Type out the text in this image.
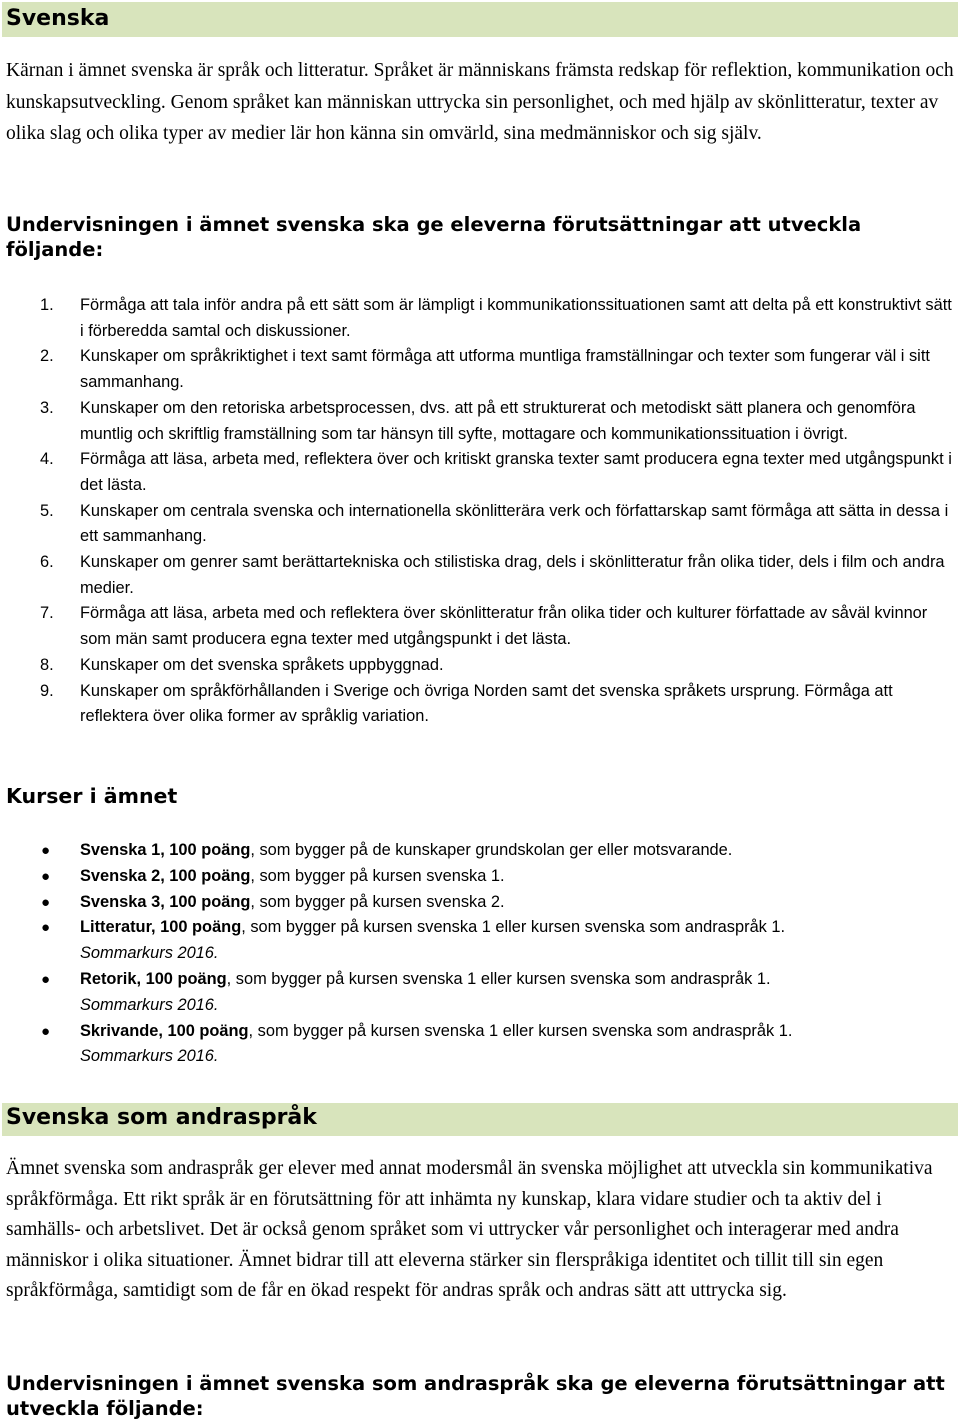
Svenska

Kärnan i ämnet svenska är språk och litteratur. Språket är människans främsta redskap för reflektion, kommunikation och kunskapsutveckling. Genom språket kan människan uttrycka sin personlighet, och med hjälp av skönlitteratur, texter av olika slag och olika typer av medier lär hon känna sin omvärld, sina medmänniskor och sig själv.

Undervisningen i ämnet svenska ska ge eleverna förutsättningar att utveckla följande:
1. Förmåga att tala inför andra på ett sätt som är lämpligt i kommunikationssituationen samt att delta på ett konstruktivt sätt i förberedda samtal och diskussioner.
2. Kunskaper om språkriktighet i text samt förmåga att utforma muntliga framställningar och texter som fungerar väl i sitt sammanhang.
3. Kunskaper om den retoriska arbetsprocessen, dvs. att på ett strukturerat och metodiskt sätt planera och genomföra muntlig och skriftlig framställning som tar hänsyn till syfte, mottagare och kommunikationssituation i övrigt.
4. Förmåga att läsa, arbeta med, reflektera över och kritiskt granska texter samt producera egna texter med utgångspunkt i det lästa.
5. Kunskaper om centrala svenska och internationella skönlitterära verk och författarskap samt förmåga att sätta in dessa i ett sammanhang.
6. Kunskaper om genrer samt berättartekniska och stilistiska drag, dels i skönlitteratur från olika tider, dels i film och andra medier.
7. Förmåga att läsa, arbeta med och reflektera över skönlitteratur från olika tider och kulturer författade av såväl kvinnor som män samt producera egna texter med utgångspunkt i det lästa.
8. Kunskaper om det svenska språkets uppbyggnad.
9. Kunskaper om språkförhållanden i Sverige och övriga Norden samt det svenska språkets ursprung. Förmåga att reflektera över olika former av språklig variation.
Kurser i ämnet
● Svenska 1, 100 poäng, som bygger på de kunskaper grundskolan ger eller motsvarande.
● Svenska 2, 100 poäng, som bygger på kursen svenska 1.
● Svenska 3, 100 poäng, som bygger på kursen svenska 2.
● Litteratur, 100 poäng, som bygger på kursen svenska 1 eller kursen svenska som andraspråk 1.
Sommarkurs 2016.
● Retorik, 100 poäng, som bygger på kursen svenska 1 eller kursen svenska som andraspråk 1.
Sommarkurs 2016.
● Skrivande, 100 poäng, som bygger på kursen svenska 1 eller kursen svenska som andraspråk 1.
Sommarkurs 2016.
Svenska som andraspråk

Ämnet svenska som andraspråk ger elever med annat modersmål än svenska möjlighet att utveckla sin kommunikativa språkförmåga. Ett rikt språk är en förutsättning för att inhämta ny kunskap, klara vidare studier och ta aktiv del i samhälls- och arbetslivet. Det är också genom språket som vi uttrycker vår personlighet och interagerar med andra människor i olika situationer. Ämnet bidrar till att eleverna stärker sin flerspråkiga identitet och tillit till sin egen språkförmåga, samtidigt som de får en ökad respekt för andras språk och andras sätt att uttrycka sig.

Undervisningen i ämnet svenska som andraspråk ska ge eleverna förutsättningar att utveckla följande:
